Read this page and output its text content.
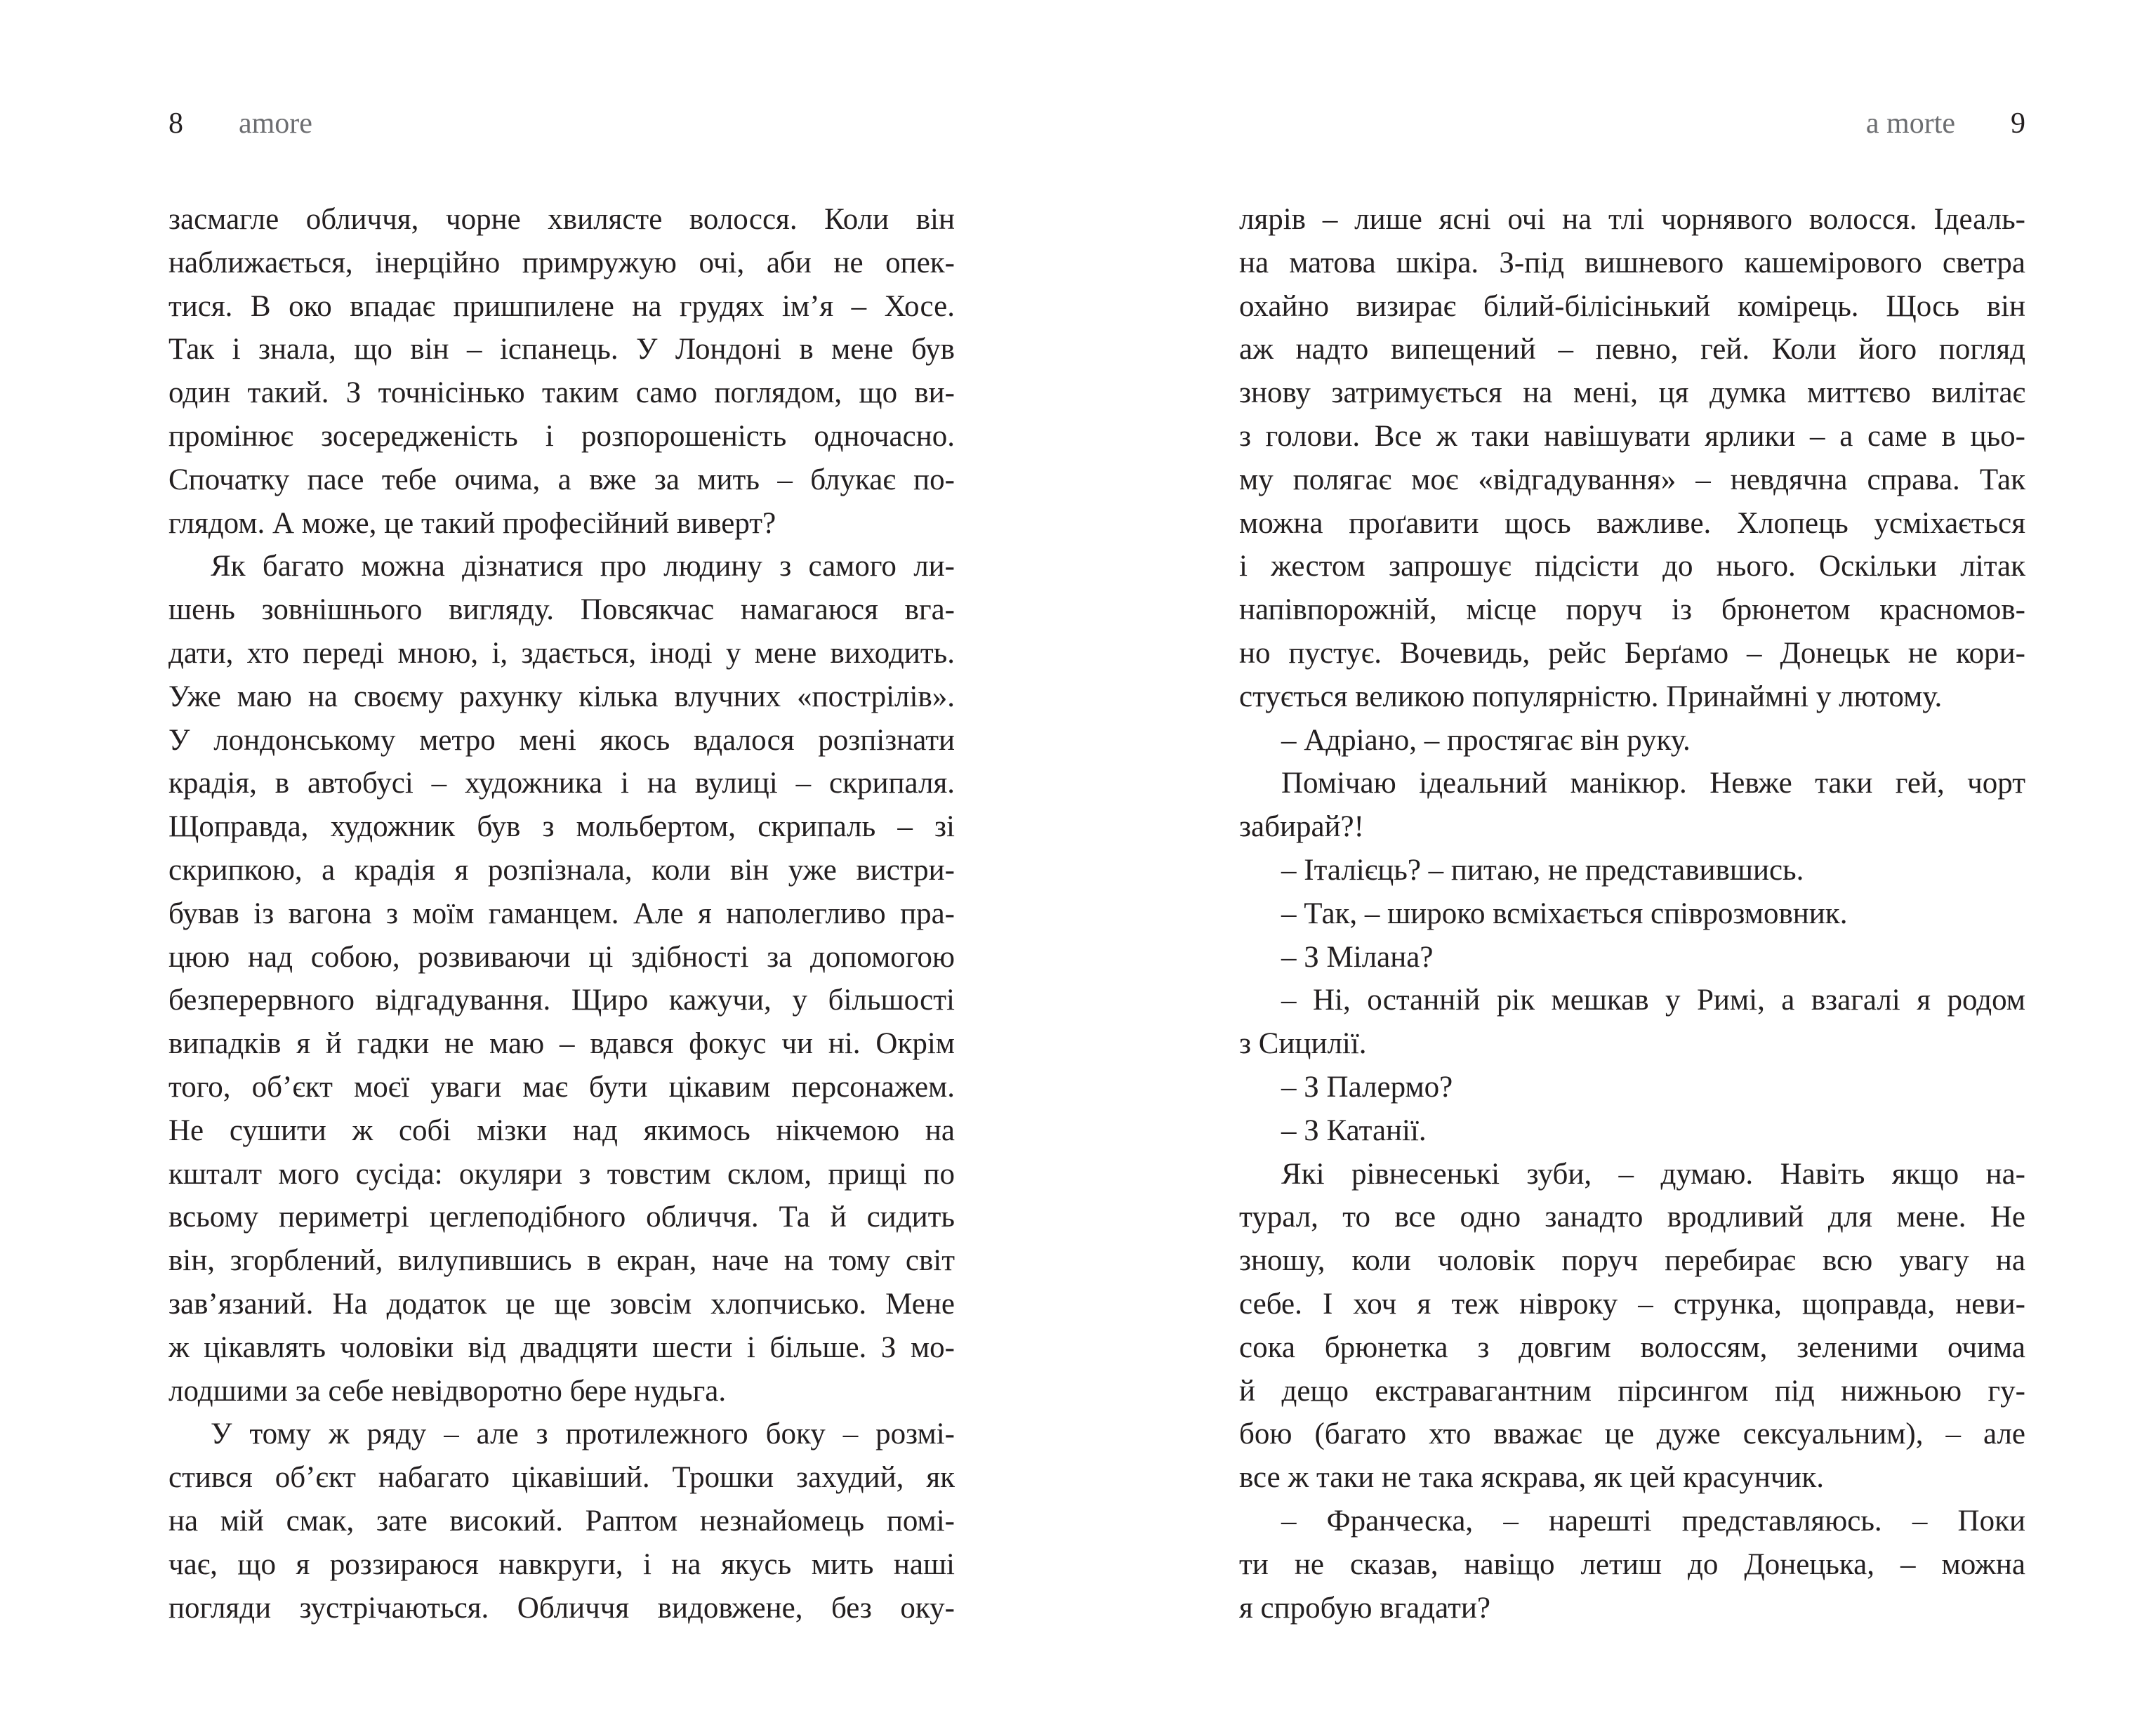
8 amore
засмагле обличчя, чорне хвилясте волосся. Коли він
наближається, інерційно примружую очі, аби не опек-
тися. В око впадає пришпилене на грудях ім’я – Хосе.
Так і знала, що він – іспанець. У Лондоні в мене був
один такий. З точнісінько таким само поглядом, що ви-
промінює зосередженість і розпорошеність одночасно.
Спочатку пасе тебе очима, а вже за мить – блукає по-
глядом. А може, це такий професійний виверт?
Як багато можна дізнатися про людину з самого ли-
шень зовнішнього вигляду. Повсякчас намагаюся вга-
дати, хто переді мною, і, здається, іноді у мене виходить.
Уже маю на своєму рахунку кілька влучних «пострілів».
У лондонському метро мені якось вдалося розпізнати
крадія, в автобусі – художника і на вулиці – скрипаля.
Щоправда, художник був з мольбертом, скрипаль – зі
скрипкою, а крадія я розпізнала, коли він уже вистри-
бував із вагона з моїм гаманцем. Але я наполегливо пра-
цюю над собою, розвиваючи ці здібності за допомогою
безперервного відгадування. Щиро кажучи, у більшості
випадків я й гадки не маю – вдався фокус чи ні. Окрім
того, об’єкт моєї уваги має бути цікавим персонажем.
Не сушити ж собі мізки над якимось нікчемою на
кшталт мого сусіда: окуляри з товстим склом, прищі по
всьому периметрі цеглеподібного обличчя. Та й сидить
він, згорблений, вилупившись в екран, наче на тому світ
зав’язаний. На додаток це ще зовсім хлопчисько. Мене
ж цікавлять чоловіки від двадцяти шести і більше. З мо-
лодшими за себе невідворотно бере нудьга.
У тому ж ряду – але з протилежного боку – розмі-
стився об’єкт набагато цікавіший. Трошки захудий, як
на мій смак, зате високий. Раптом незнайомець помі-
чає, що я роззираюся навкруги, і на якусь мить наші
погляди зустрічаються. Обличчя видовжене, без оку-
a morte 9
лярів – лише ясні очі на тлі чорнявого волосся. Ідеаль-
на матова шкіра. З-під вишневого кашемірового светра
охайно визирає білий-білісінький комірець. Щось він
аж надто випещений – певно, гей. Коли його погляд
знову затримується на мені, ця думка миттєво вилітає
з голови. Все ж таки навішувати ярлики – а саме в цьо-
му полягає моє «відгадування» – невдячна справа. Так
можна проґавити щось важливе. Хлопець усміхається
і жестом запрошує підсісти до нього. Оскільки літак
напівпорожній, місце поруч із брюнетом красномов-
но пустує. Вочевидь, рейс Берґамо – Донецьк не кори-
стується великою популярністю. Принаймні у лютому.
– Адріано, – простягає він руку.
Помічаю ідеальний манікюр. Невже таки гей, чорт
забирай?!
– Італієць? – питаю, не представившись.
– Так, – широко всміхається співрозмовник.
– З Мілана?
– Ні, останній рік мешкав у Римі, а взагалі я родом
з Сицилії.
– З Палермо?
– З Катанії.
Які рівнесенькі зуби, – думаю. Навіть якщо на-
турал, то все одно занадто вродливий для мене. Не
зношу, коли чоловік поруч перебирає всю увагу на
себе. І хоч я теж нівроку – струнка, щоправда, неви-
сока брюнетка з довгим волоссям, зеленими очима
й дещо екстравагантним пірсингом під нижньою гу-
бою (багато хто вважає це дуже сексуальним), – але
все ж таки не така яскрава, як цей красунчик.
– Франческа, – нарешті представляюсь. – Поки
ти не сказав, навіщо летиш до Донецька, – можна
я спробую вгадати?
